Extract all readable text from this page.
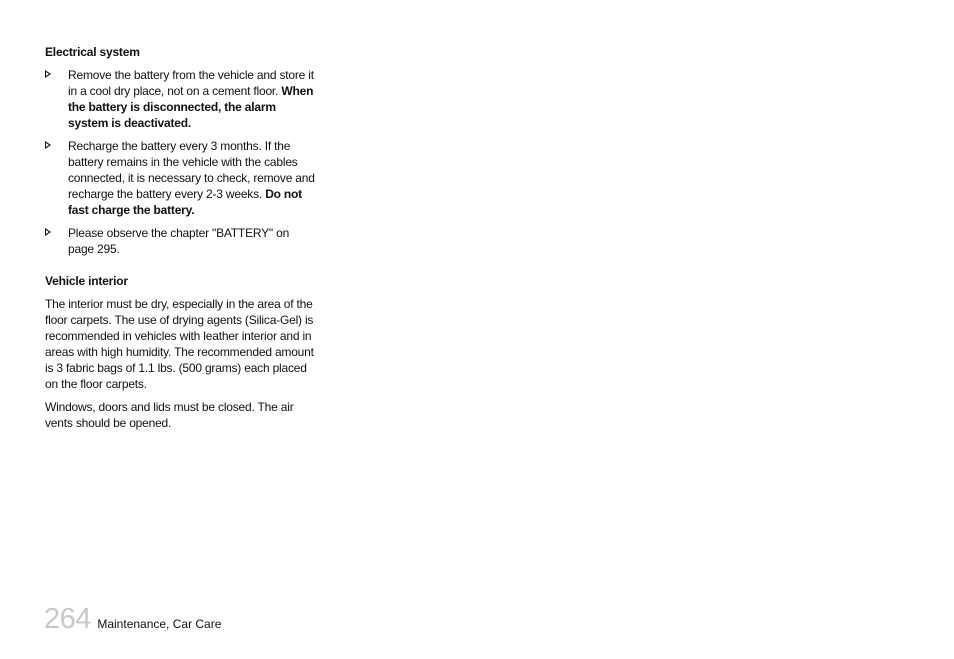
Electrical system
Remove the battery from the vehicle and store it in a cool dry place, not on a cement floor. When the battery is disconnected, the alarm system is deactivated.
Recharge the battery every 3 months. If the battery remains in the vehicle with the cables connected, it is necessary to check, remove and recharge the battery every 2-3 weeks. Do not fast charge the battery.
Please observe the chapter "BATTERY" on page 295.
Vehicle interior
The interior must be dry, especially in the area of the floor carpets. The use of drying agents (Silica-Gel) is recommended in vehicles with leather interior and in areas with high humidity. The recommended amount is 3 fabric bags of 1.1 lbs. (500 grams) each placed on the floor carpets.
Windows, doors and lids must be closed. The air vents should be opened.
264 Maintenance, Car Care
